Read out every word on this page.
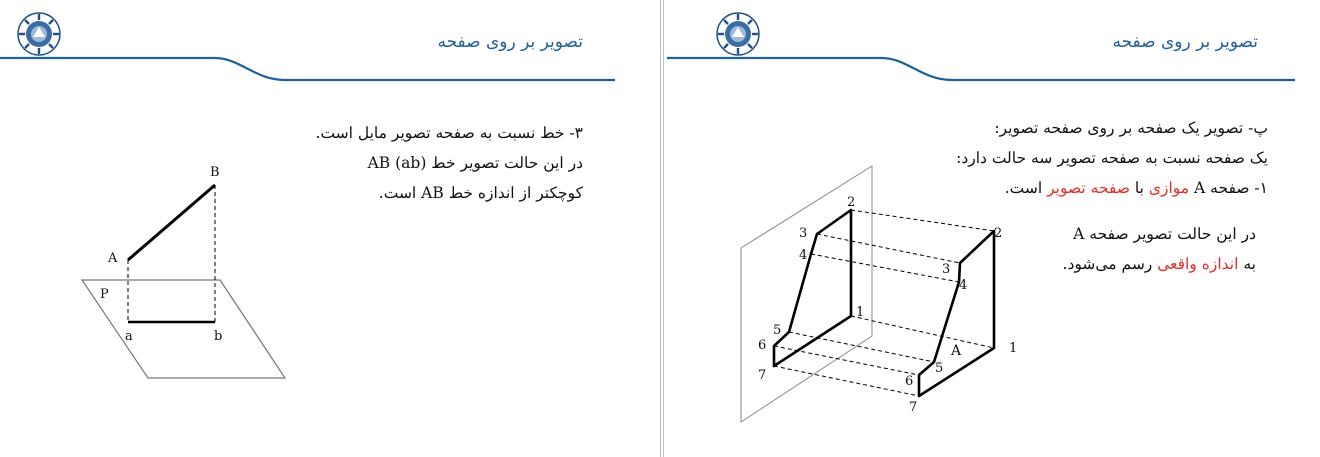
تصویر بر روی صفحه

۳- خط نسبت به صفحه تصویر مایل است.

در این حالت تصویر خط AB (ab)

کوچکتر از اندازه خط AB است.

B
A
P
a	b
تصویر بر روی صفحه

پ- تصویر یک صفحه بر روی صفحه تصویر:

یک صفحه نسبت به صفحه تصویر سه حالت دارد:

۱- صفحه A موازی با صفحه تصویر است.

در این حالت تصویر صفحه A

به اندازه واقعی رسم می‌شود.

2
3
4
1
5
6
7
2
3
4
1
5
6
7
A
